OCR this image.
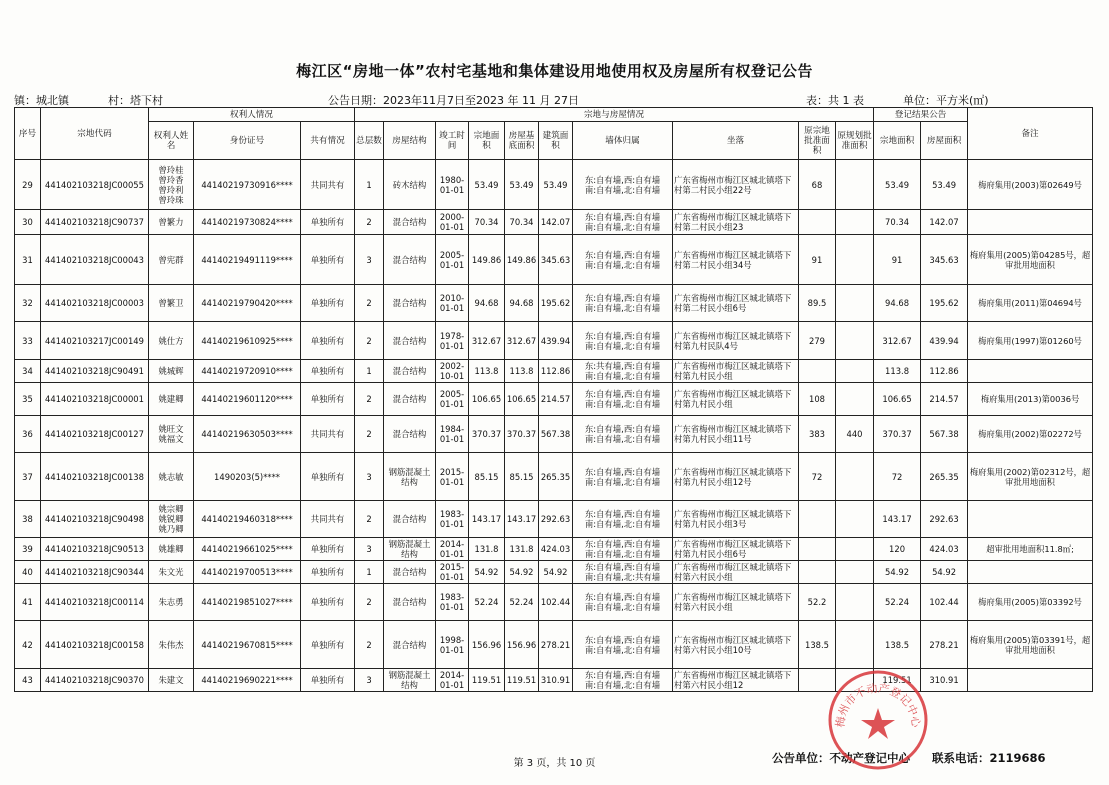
梅江区“房地一体”农村宅基地和集体建设用地使用权及房屋所有权登记公告
镇：城北镇	村：塔下村	公告日期：2023年11月7日至2023 年 11 月 27日	表：共 1 表	单位：平方米(㎡)
序号	宗地代码	权利人情况			宗地与房屋情况										登记结果公告		备注
		权利人姓名	身份证号	共有情况	总层数	房屋结构	竣工时间	宗地面积	房屋基底面积	建筑面积	墙体归属	坐落	原宗地批准面积	原规划批准面积	宗地面积	房屋面积	
29	441402103218JC00055	曾玲桂
曾玲香
曾玲利
曾玲珠	44140219730916****	共同共有	1	砖木结构	1980-
01-01	53.49	53.49	53.49	东:自有墙,西:自有墙
南:自有墙,北:自有墙	广东省梅州市梅江区城北镇塔下村第二村民小组22号	68		53.49	53.49	梅府集用(2003)第02649号
30	441402103218JC90737	曾繁力	44140219730824****	单独所有	2	混合结构	2000-
01-01	70.34	70.34	142.07	东:自有墙,西:自有墙
南:自有墙,北:自有墙	广东省梅州市梅江区城北镇塔下村第二村民小组23			70.34	142.07	
31	441402103218JC00043	曾宪群	44140219491119****	单独所有	3	混合结构	2005-
01-01	149.86	149.86	345.63	东:自有墙,西:自有墙
南:自有墙,北:自有墙	广东省梅州市梅江区城北镇塔下村第二村民小组34号	91		91	345.63	梅府集用(2005)第04285号，超审批用地面积
32	441402103218JC00003	曾繁卫	44140219790420****	单独所有	2	混合结构	2010-
01-01	94.68	94.68	195.62	东:自有墙,西:自有墙
南:自有墙,北:自有墙	广东省梅州市梅江区城北镇塔下村第二村民小组6号	89.5		94.68	195.62	梅府集用(2011)第04694号
33	441402103217JC00149	姚仕方	44140219610925****	单独所有	2	混合结构	1978-
01-01	312.67	312.67	439.94	东:自有墙,西:自有墙
南:自有墙,北:自有墙	广东省梅州市梅江区城北镇塔下村第九村民队4号	279		312.67	439.94	梅府集用(1997)第01260号
34	441402103218JC90491	姚城辉	44140219720910****	单独所有	1	混合结构	2002-
10-01	113.8	113.8	112.86	东:共有墙,西:自有墙
南:自有墙,北:自有墙	广东省梅州市梅江区城北镇塔下村第九村民小组			113.8	112.86	
35	441402103218JC00001	姚建卿	44140219601120****	单独所有	2	混合结构	2005-
01-01	106.65	106.65	214.57	东:自有墙,西:自有墙
南:自有墙,北:自有墙	广东省梅州市梅江区城北镇塔下村第九村民小组	108		106.65	214.57	梅府集用(2013)第0036号
36	441402103218JC00127	姚旺文
姚福文	44140219630503****	共同共有	2	混合结构	1984-
01-01	370.37	370.37	567.38	东:自有墙,西:自有墙
南:自有墙,北:自有墙	广东省梅州市梅江区城北镇塔下村第九村民小组11号	383	440	370.37	567.38	梅府集用(2002)第02272号
37	441402103218JC00138	姚志敏	1490203(5)****	单独所有	3	钢筋混凝土结构	2015-
01-01	85.15	85.15	265.35	东:自有墙,西:自有墙
南:自有墙,北:自有墙	广东省梅州市梅江区城北镇塔下村第九村民小组12号	72		72	265.35	梅府集用(2002)第02312号，超审批用地面积
38	441402103218JC90498	姚宗卿
姚锐卿
姚乃卿	44140219460318****	共同共有	2	混合结构	1983-
01-01	143.17	143.17	292.63	东:自有墙,西:自有墙
南:自有墙,北:自有墙	广东省梅州市梅江区城北镇塔下村第九村民小组3号			143.17	292.63	
39	441402103218JC90513	姚雄卿	44140219661025****	单独所有	3	钢筋混凝土结构	2014-
01-01	131.8	131.8	424.03	东:自有墙,西:自有墙
南:自有墙,北:自有墙	广东省梅州市梅江区城北镇塔下村第九村民小组6号			120	424.03	超审批用地面积11.8㎡;
40	441402103218JC90344	朱文光	44140219700513****	单独所有	1	混合结构	2015-
01-01	54.92	54.92	54.92	东:自有墙,西:自有墙
南:自有墙,北:共有墙	广东省梅州市梅江区城北镇塔下村第六村民小组			54.92	54.92	
41	441402103218JC00114	朱志勇	44140219851027****	单独所有	2	混合结构	1983-
01-01	52.24	52.24	102.44	东:自有墙,西:自有墙
南:自有墙,北:自有墙	广东省梅州市梅江区城北镇塔下村第六村民小组	52.2		52.24	102.44	梅府集用(2005)第03392号
42	441402103218JC00158	朱伟杰	44140219670815****	单独所有	2	混合结构	1998-
01-01	156.96	156.96	278.21	东:自有墙,西:自有墙
南:自有墙,北:自有墙	广东省梅州市梅江区城北镇塔下村第六村民小组10号	138.5		138.5	278.21	梅府集用(2005)第03391号，超审批用地面积
43	441402103218JC90370	朱建文	44140219690221****	单独所有	3	钢筋混凝土结构	2014-
01-01	119.51	119.51	310.91	东:自有墙,西:自有墙
南:自有墙,北:自有墙	广东省梅州市梅江区城北镇塔下村第六村民小组12			119.51	310.91	
第 3 页，共 10 页	公告单位：不动产登记中心 联系电话：2119686
梅州市不动产登记中心
